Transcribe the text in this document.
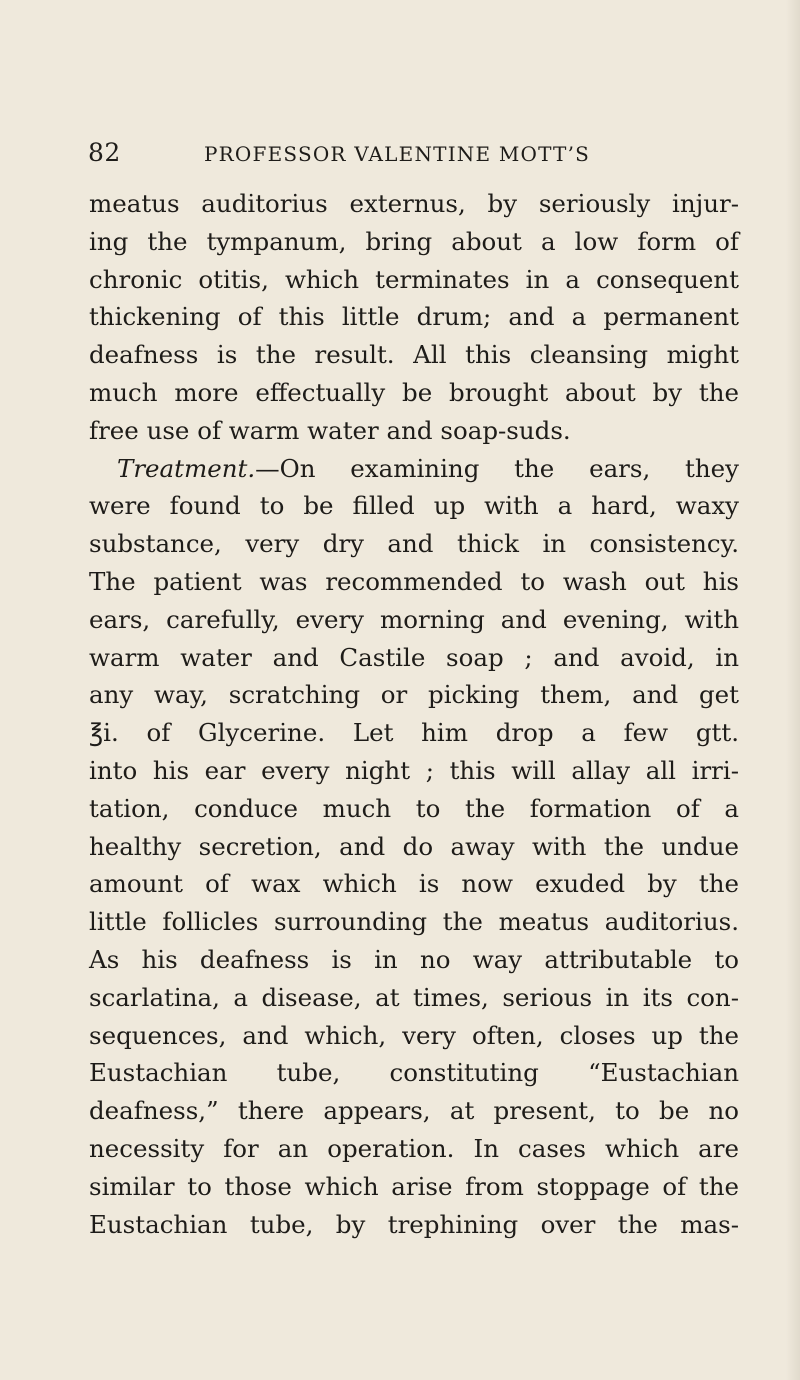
82	PROFESSOR VALENTINE MOTT’S
meatus auditorius externus, by seriously injur-
ing the tympanum, bring about a low form of
chronic otitis, which terminates in a consequent
thickening of this little drum; and a permanent
deafness is the result. All this cleansing might
much more effectually be brought about by the
free use of warm water and soap-suds.
Treatment.—On examining the ears, they
were found to be filled up with a hard, waxy
substance, very dry and thick in consistency.
The patient was recommended to wash out his
ears, carefully, every morning and evening, with
warm water and Castile soap ; and avoid, in
any way, scratching or picking them, and get
℥i. of Glycerine. Let him drop a few gtt.
into his ear every night ; this will allay all irri-
tation, conduce much to the formation of a
healthy secretion, and do away with the undue
amount of wax which is now exuded by the
little follicles surrounding the meatus auditorius.
As his deafness is in no way attributable to
scarlatina, a disease, at times, serious in its con-
sequences, and which, very often, closes up the
Eustachian tube, constituting “Eustachian
deafness,” there appears, at present, to be no
necessity for an operation. In cases which are
similar to those which arise from stoppage of the
Eustachian tube, by trephining over the mas-
